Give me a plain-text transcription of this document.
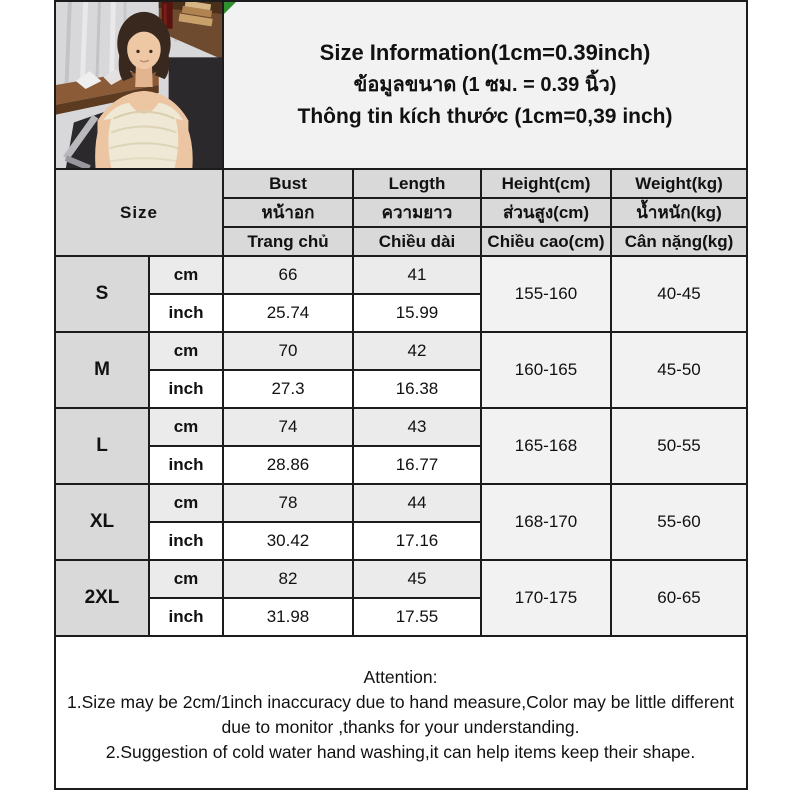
Size Information(1cm=0.39inch)
ข้อมูลขนาด (1 ซม. = 0.39 นิ้ว)
Thông tin kích thước (1cm=0,39 inch)			

Size		Bust	Length	Height(cm)	Weight(kg)
		หน้าอก	ความยาว	ส่วนสูง(cm)	น้ำหนัก(kg)
		Trang chủ	Chiều dài	Chiều cao(cm)	Cân nặng(kg)
S	cm	66	41	155-160	40-45
	inch	25.74	15.99		
M	cm	70	42	160-165	45-50
	inch	27.3	16.38		
L	cm	74	43	165-168	50-55
	inch	28.86	16.77		
XL	cm	78	44	168-170	55-60
	inch	30.42	17.16		
2XL	cm	82	45	170-175	60-65
	inch	31.98	17.55		

Attention:
1.Size may be 2cm/1inch inaccuracy due to hand measure,Color may be little different due to monitor ,thanks for your understanding.
2.Suggestion of cold water hand washing,it can help items keep their shape.					
